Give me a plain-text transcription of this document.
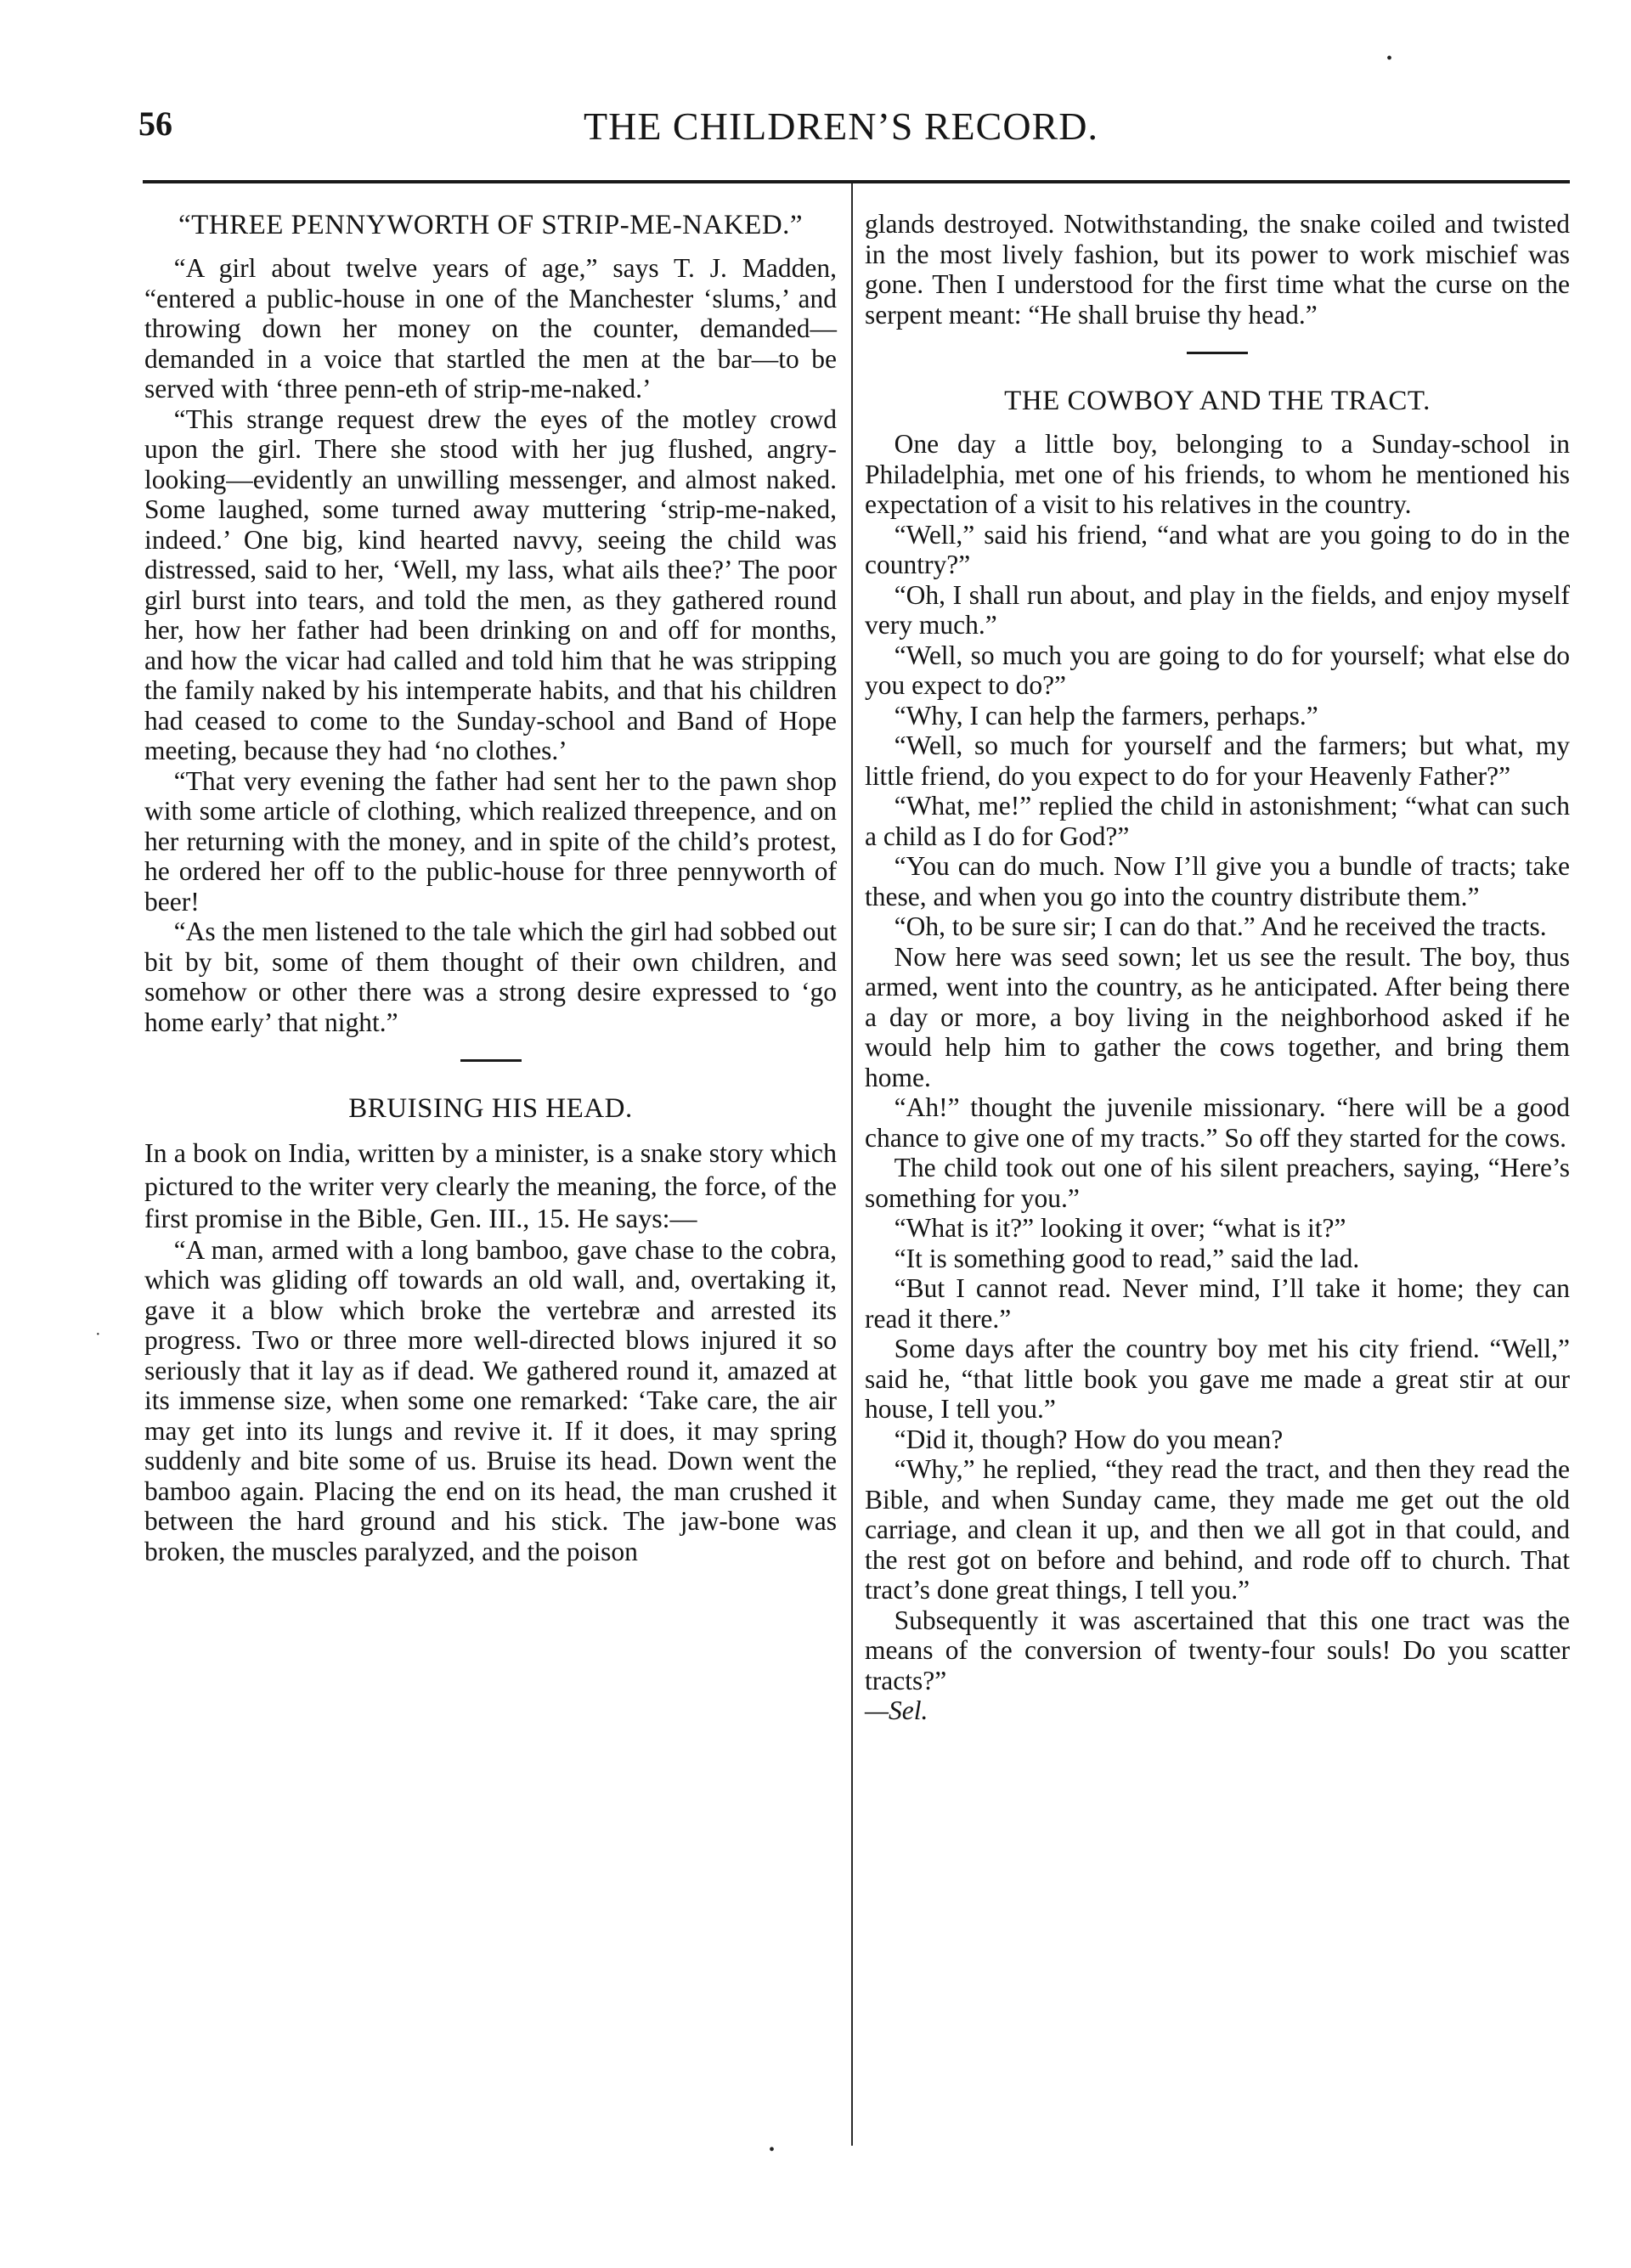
56	THE CHILDREN’S RECORD.
•
·
•
“THREE PENNYWORTH OF STRIP-ME-NAKED.”

“A girl about twelve years of age,” says T. J. Madden, “entered a public-house in one of the Manchester ‘slums,’ and throwing down her money on the counter, demanded—demanded in a voice that startled the men at the bar—to be served with ‘three penn-eth of strip-me-naked.’

“This strange request drew the eyes of the motley crowd upon the girl. There she stood with her jug flushed, angry-looking—evidently an unwilling messenger, and almost naked. Some laughed, some turned away muttering ‘strip-me-naked, indeed.’ One big, kind hearted navvy, seeing the child was distressed, said to her, ‘Well, my lass, what ails thee?’ The poor girl burst into tears, and told the men, as they gathered round her, how her father had been drinking on and off for months, and how the vicar had called and told him that he was stripping the family naked by his intemperate habits, and that his children had ceased to come to the Sunday-school and Band of Hope meeting, because they had ‘no clothes.’

“That very evening the father had sent her to the pawn shop with some article of clothing, which realized threepence, and on her returning with the money, and in spite of the child’s protest, he ordered her off to the public-house for three pennyworth of beer!

“As the men listened to the tale which the girl had sobbed out bit by bit, some of them thought of their own children, and somehow or other there was a strong desire expressed to ‘go home early’ that night.”

BRUISING HIS HEAD.

In a book on India, written by a minister, is a snake story which pictured to the writer very clearly the meaning, the force, of the first promise in the Bible, Gen. III., 15. He says:—

“A man, armed with a long bamboo, gave chase to the cobra, which was gliding off towards an old wall, and, overtaking it, gave it a blow which broke the vertebræ and arrested its progress. Two or three more well-directed blows injured it so seriously that it lay as if dead. We gathered round it, amazed at its immense size, when some one remarked: ‘Take care, the air may get into its lungs and revive it. If it does, it may spring suddenly and bite some of us. Bruise its head. Down went the bamboo again. Placing the end on its head, the man crushed it between the hard ground and his stick. The jaw-bone was broken, the muscles paralyzed, and the poison

glands destroyed. Notwithstanding, the snake coiled and twisted in the most lively fashion, but its power to work mischief was gone. Then I understood for the first time what the curse on the serpent meant: “He shall bruise thy head.”

THE COWBOY AND THE TRACT.

One day a little boy, belonging to a Sunday-school in Philadelphia, met one of his friends, to whom he mentioned his expectation of a visit to his relatives in the country.

“Well,” said his friend, “and what are you going to do in the country?”

“Oh, I shall run about, and play in the fields, and enjoy myself very much.”

“Well, so much you are going to do for yourself; what else do you expect to do?”

“Why, I can help the farmers, perhaps.”

“Well, so much for yourself and the farmers; but what, my little friend, do you expect to do for your Heavenly Father?”

“What, me!” replied the child in astonishment; “what can such a child as I do for God?”

“You can do much. Now I’ll give you a bundle of tracts; take these, and when you go into the country distribute them.”

“Oh, to be sure sir; I can do that.” And he received the tracts.

Now here was seed sown; let us see the result. The boy, thus armed, went into the country, as he anticipated. After being there a day or more, a boy living in the neighborhood asked if he would help him to gather the cows together, and bring them home.

“Ah!” thought the juvenile missionary. “here will be a good chance to give one of my tracts.” So off they started for the cows.

The child took out one of his silent preachers, saying, “Here’s something for you.”

“What is it?” looking it over; “what is it?”

“It is something good to read,” said the lad.

“But I cannot read. Never mind, I’ll take it home; they can read it there.”

Some days after the country boy met his city friend. “Well,” said he, “that little book you gave me made a great stir at our house, I tell you.”

“Did it, though? How do you mean?

“Why,” he replied, “they read the tract, and then they read the Bible, and when Sunday came, they made me get out the old carriage, and clean it up, and then we all got in that could, and the rest got on before and behind, and rode off to church. That tract’s done great things, I tell you.”

Subsequently it was ascertained that this one tract was the means of the conversion of twenty-four souls! Do you scatter tracts?”

—Sel.
